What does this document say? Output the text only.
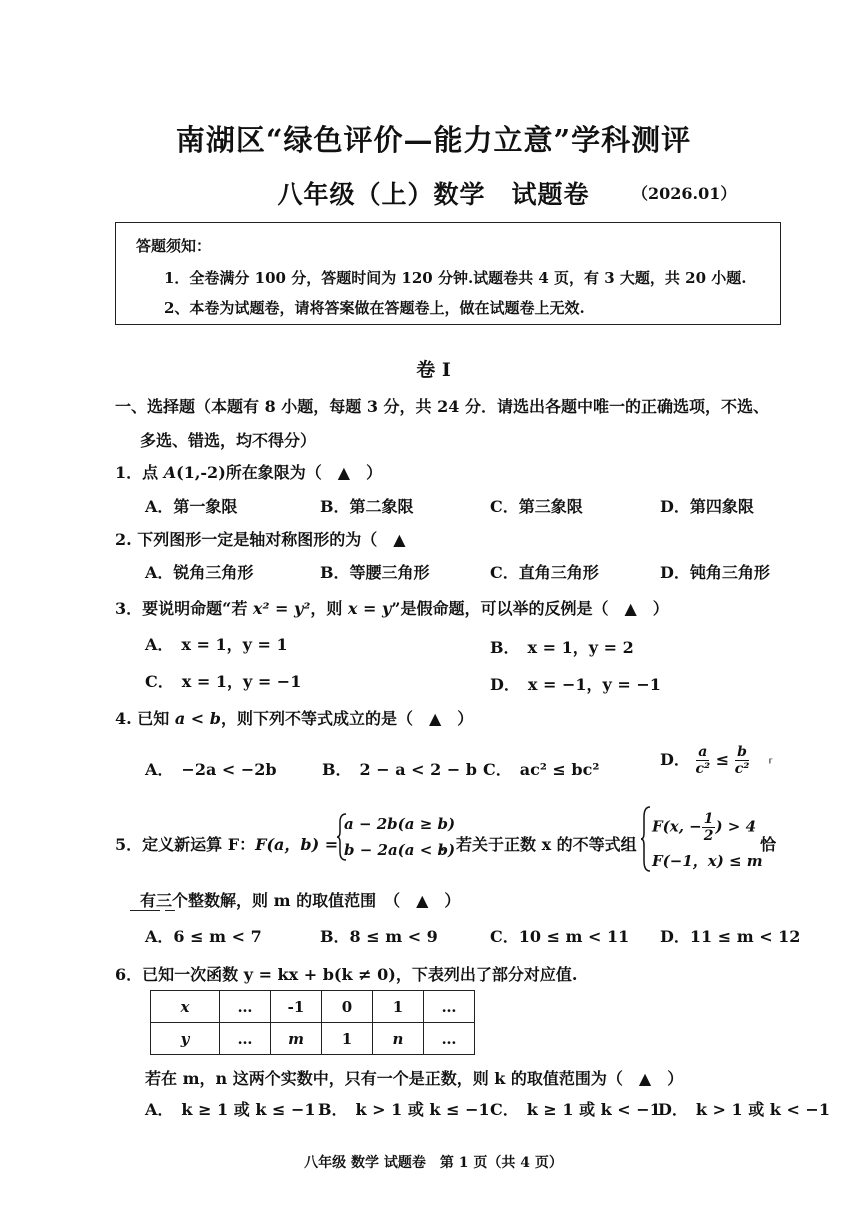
南湖区“绿色评价—能力立意”学科测评
八年级（上）数学　试题卷	（2026.01）
答题须知：
1．全卷满分 100 分，答题时间为 120 分钟.试题卷共 4 页，有 3 大题，共 20 小题.
2、本卷为试题卷，请将答案做在答题卷上，做在试题卷上无效.
卷 Ⅰ
一、选择题（本题有 8 小题，每题 3 分，共 24 分．请选出各题中唯一的正确选项，不选、
多选、错选，均不得分）
1．点 A(1,-2)所在象限为（　▲　）
A．第一象限	B．第二象限	C．第三象限	D．第四象限
2. 下列图形一定是轴对称图形的为（　▲
A．锐角三角形	B．等腰三角形	C．直角三角形	D．钝角三角形
3．要说明命题“若 x² = y²，则 x = y”是假命题，可以举的反例是（　▲　）
A．　x = 1，y = 1	B．　x = 1，y = 2
C．　x = 1，y = −1	D．　x = −1，y = −1
4. 已知 a < b，则下列不等式成立的是（　▲　）
A．　−2a < −2b	B．　2 − a < 2 − b C．　ac² ≤ bc²
D． $\frac{a}{\text{c²}} \le \frac{b}{\text{c²}}$ ⸢
5．定义新运算 F：F(a，b) =
a − 2b(a ≥ b)
b − 2a(a < b)
．若关于正数 x 的不等式组
F(x, − $\frac{1}{2}$ ) > 4
F(−1，x) ≤ m
恰
有三个整数解，则 m 的取值范围　（　▲　）
A．6 ≤ m < 7	B．8 ≤ m < 9	C．10 ≤ m < 11 D．11 ≤ m < 12
6．已知一次函数 y = kx + b(k ≠ 0)，下表列出了部分对应值.
x	…	-1	0	1	…
y	…	m	1	n	…
若在 m，n 这两个实数中，只有一个是正数，则 k 的取值范围为（　▲　）
A．　k ≥ 1 或 k ≤ −1 B．　k > 1 或 k ≤ −1 C．　k ≥ 1 或 k < −1
D．　k > 1 或 k < −1
八年级 数学 试题卷　第 1 页（共 4 页）
